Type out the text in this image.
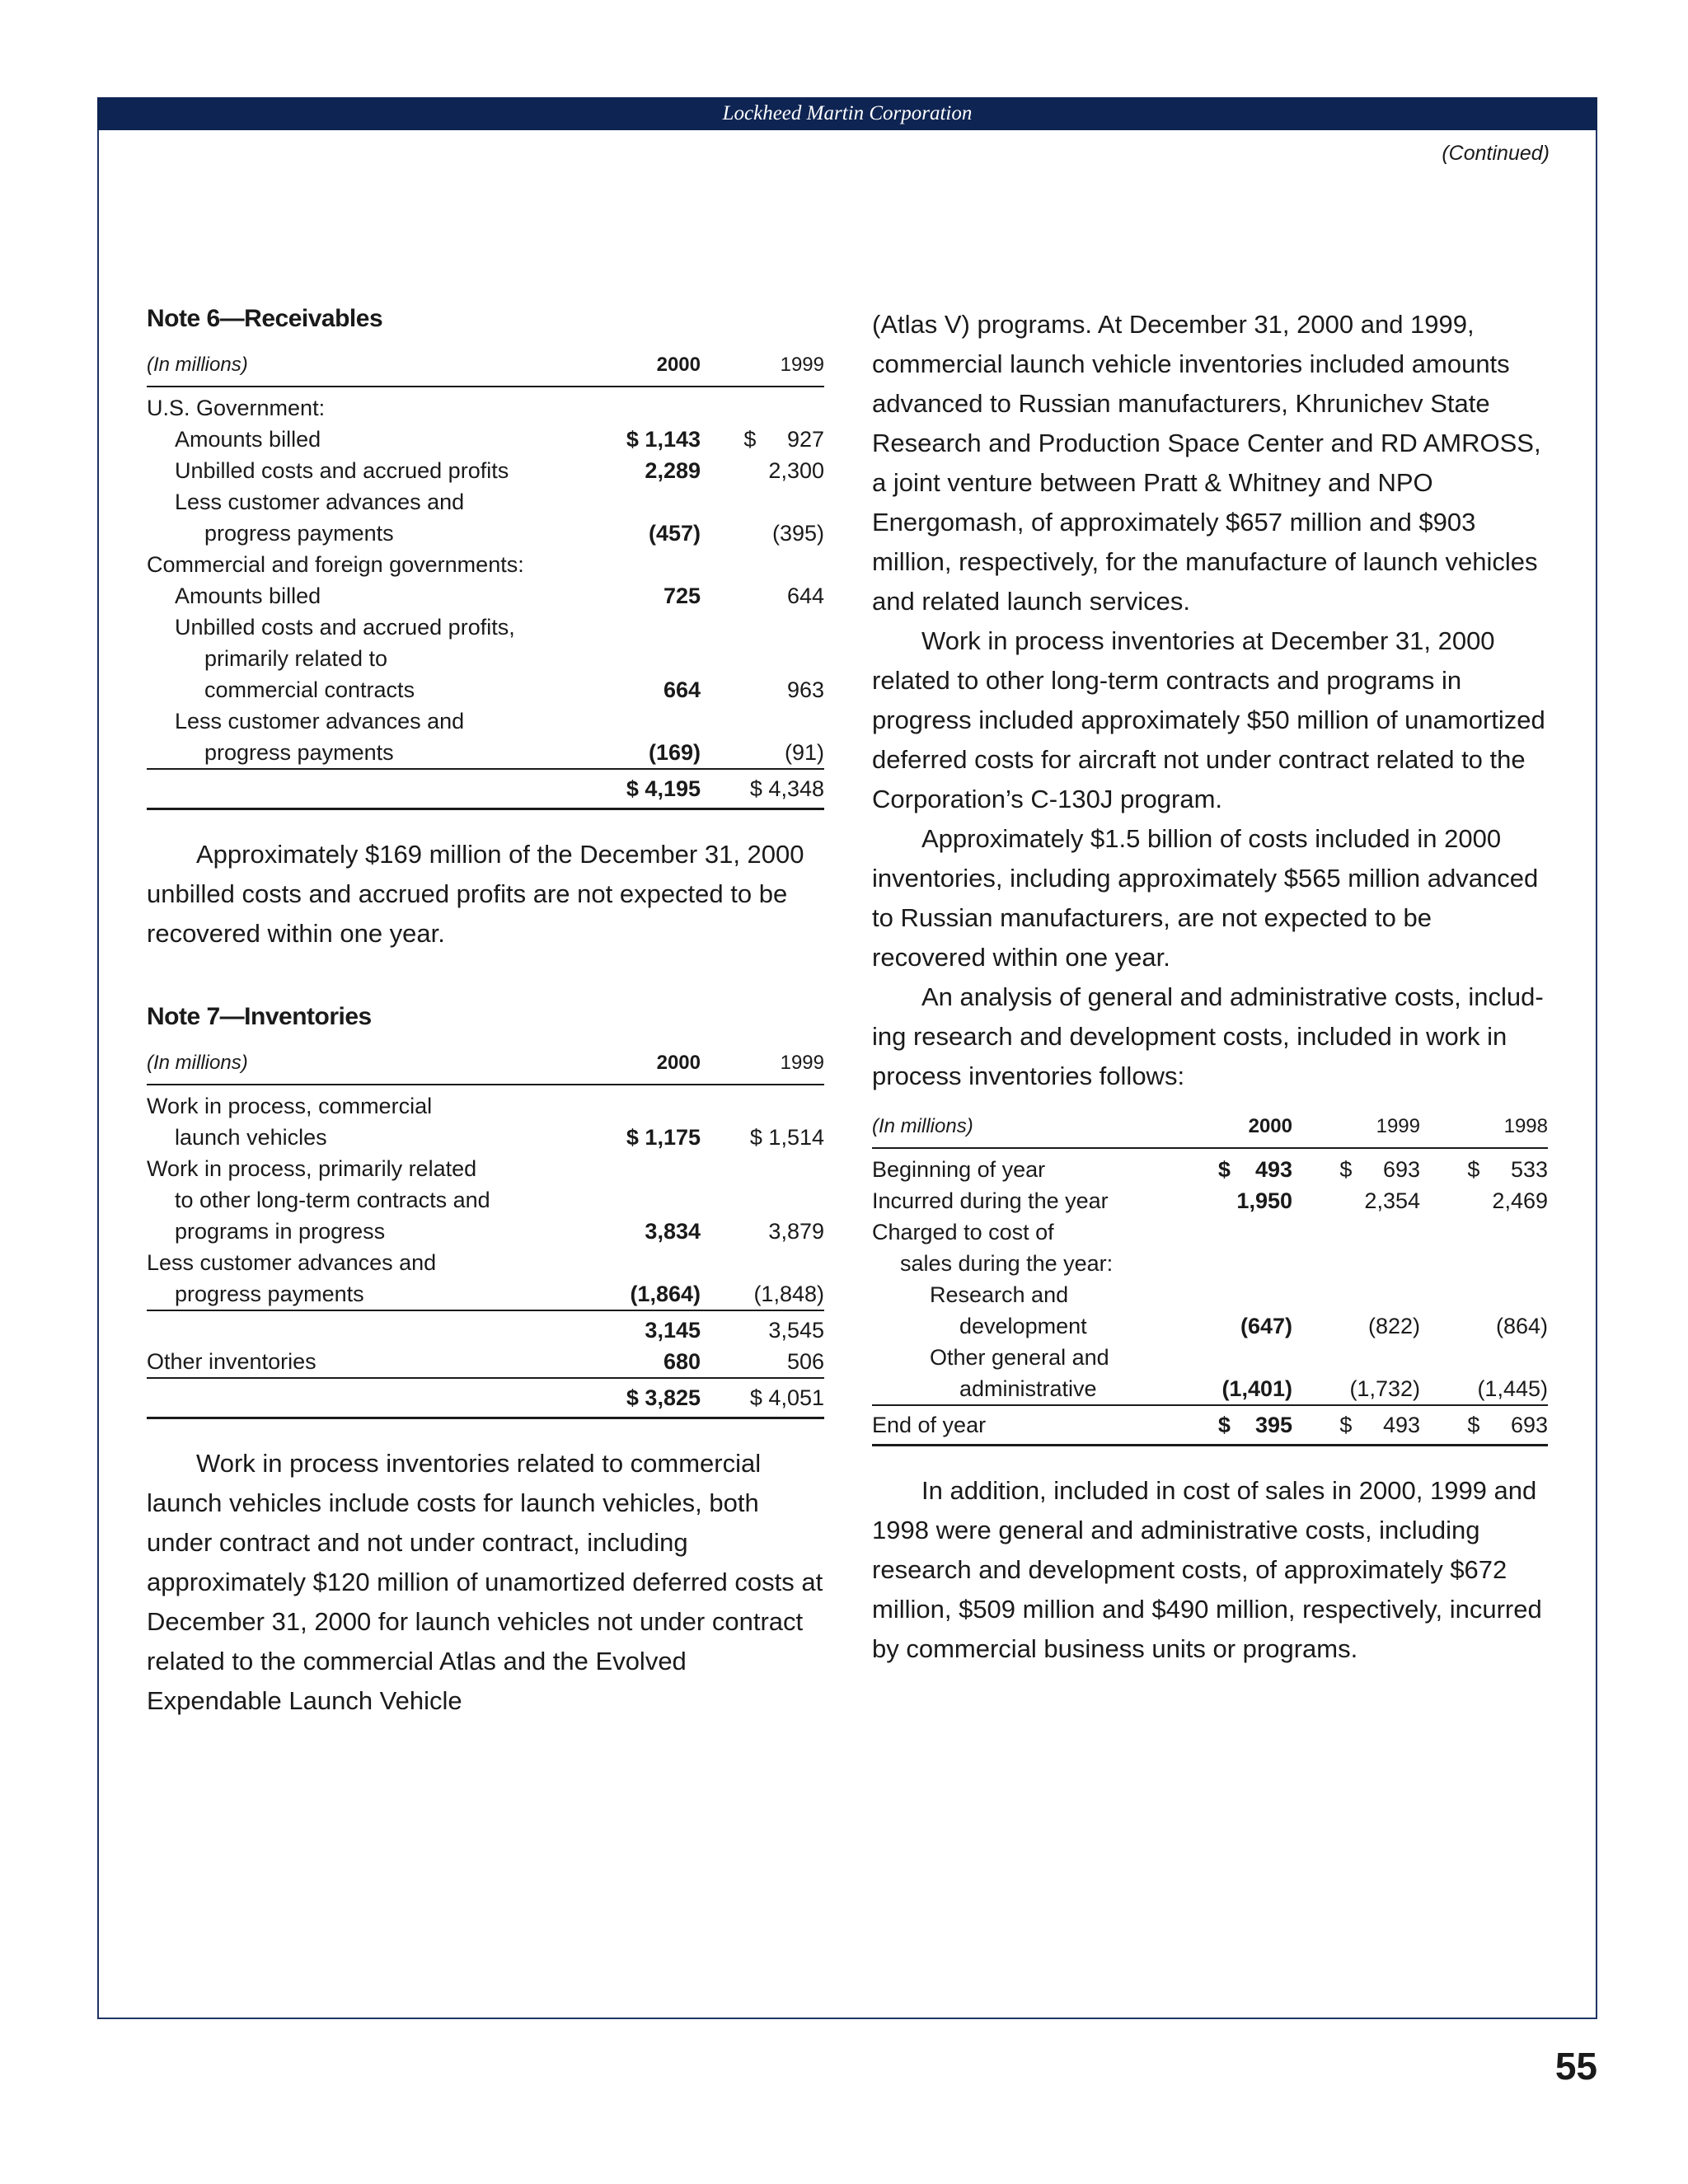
Lockheed Martin Corporation
(Continued)
Note 6—Receivables
(In millions)	2000	1999
U.S. Government:		
Amounts billed	$ 1,143	$     927
Unbilled costs and accrued profits	2,289	2,300
Less customer advances and		
progress payments	(457)	(395)
Commercial and foreign governments:		
Amounts billed	725	644
Unbilled costs and accrued profits,		
primarily related to		
commercial contracts	664	963
Less customer advances and		
progress payments	(169)	(91)
	$ 4,195	$ 4,348

Approximately $169 million of the December 31, 2000 unbilled costs and accrued profits are not expected to be recovered within one year.

Note 7—Inventories
(In millions)	2000	1999
Work in process, commercial		
launch vehicles	$ 1,175	$ 1,514
Work in process, primarily related		
to other long-term contracts and		
programs in progress	3,834	3,879
Less customer advances and		
progress payments	(1,864)	(1,848)
	3,145	3,545
Other inventories	680	506
	$ 3,825	$ 4,051

Work in process inventories related to commercial launch vehicles include costs for launch vehicles, both under contract and not under contract, including approximately $120 million of unamortized deferred costs at December 31, 2000 for launch vehicles not under contract related to the commercial Atlas and the Evolved Expendable Launch Vehicle

(Atlas V) programs. At December 31, 2000 and 1999, commercial launch vehicle inventories included amounts advanced to Russian manufacturers, Khrunichev State Research and Production Space Center and RD AMROSS, a joint venture between Pratt & Whitney and NPO Energomash, of approximately $657 million and $903 million, respectively, for the manufacture of launch vehicles and related launch services.

Work in process inventories at December 31, 2000 related to other long-term contracts and programs in progress included approximately $50 million of unamortized deferred costs for aircraft not under contract related to the Corporation’s C-130J program.

Approximately $1.5 billion of costs included in 2000 inventories, including approximately $565 million advanced to Russian manufacturers, are not expected to be recovered within one year.

An analysis of general and administrative costs, including research and development costs, included in work in process inventories follows:

(In millions)	2000	1999	1998
Beginning of year	$    493	$     693	$     533
Incurred during the year	1,950	2,354	2,469
Charged to cost of			
sales during the year:			
Research and			
development	(647)	(822)	(864)
Other general and			
administrative	(1,401)	(1,732)	(1,445)
End of year	$    395	$     493	$     693

In addition, included in cost of sales in 2000, 1999 and 1998 were general and administrative costs, including research and development costs, of approximately $672 million, $509 million and $490 million, respectively, incurred by commercial business units or programs.

55
